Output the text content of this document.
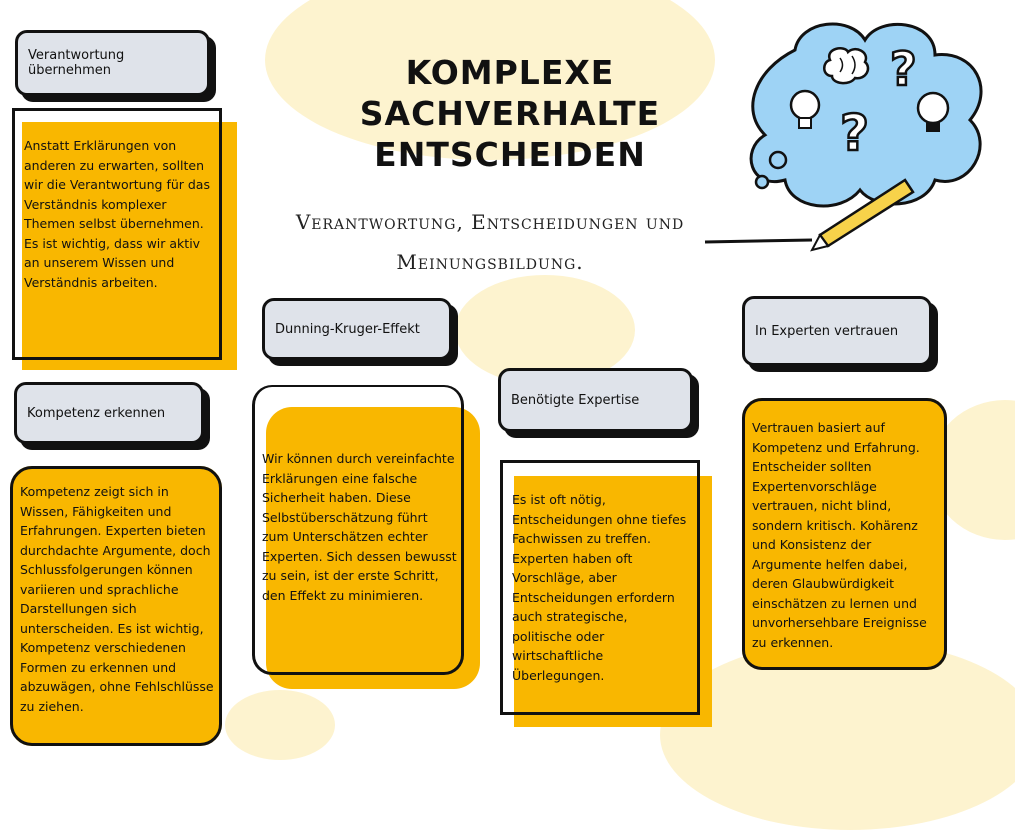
KOMPLEXE SACHVERHALTE ENTSCHEIDEN
Verantwortung, Entscheidungen und Meinungsbildung.
?
?
Verantwortung übernehmen
Anstatt Erklärungen von anderen zu erwarten, sollten wir die Verantwortung für das Verständnis komplexer Themen selbst übernehmen. Es ist wichtig, dass wir aktiv an unserem Wissen und Verständnis arbeiten.
Kompetenz erkennen
Kompetenz zeigt sich in Wissen, Fähigkeiten und Erfahrungen. Experten bieten durchdachte Argumente, doch Schlussfolgerungen können variieren und sprachliche Darstellungen sich unterscheiden. Es ist wichtig, Kompetenz verschiedenen Formen zu erkennen und abzuwägen, ohne Fehlschlüsse zu ziehen.
Dunning-Kruger-Effekt
Wir können durch vereinfachte Erklärungen eine falsche Sicherheit haben. Diese Selbstüberschätzung führt zum Unterschätzen echter Experten. Sich dessen bewusst zu sein, ist der erste Schritt, den Effekt zu minimieren.
Benötigte Expertise
Es ist oft nötig, Entscheidungen ohne tiefes Fachwissen zu treffen. Experten haben oft Vorschläge, aber Entscheidungen erfordern auch strategische, politische oder wirtschaftliche Überlegungen.
In Experten vertrauen
Vertrauen basiert auf Kompetenz und Erfahrung. Entscheider sollten Expertenvorschläge vertrauen, nicht blind, sondern kritisch. Kohärenz und Konsistenz der Argumente helfen dabei, deren Glaubwürdigkeit einschätzen zu lernen und unvorhersehbare Ereignisse zu erkennen.
